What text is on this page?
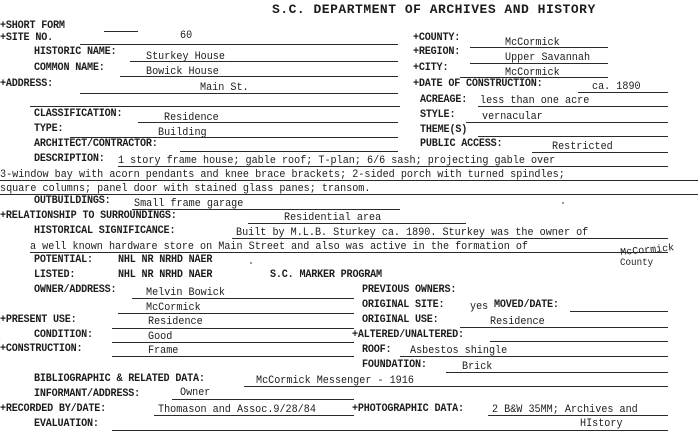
S.C. DEPARTMENT OF ARCHIVES AND HISTORY
+SHORT FORM
+SITE NO.	60	+COUNTY:	McCormick
HISTORIC NAME:	Sturkey House	+REGION:	Upper Savannah
COMMON NAME:	Bowick House	+CITY:	McCormick
+ADDRESS:	Main St.	+DATE OF CONSTRUCTION:	ca. 1890
ACREAGE: less than one acre
CLASSIFICATION:	Residence	STYLE: vernacular
TYPE:	Building	THEME(S)
ARCHITECT/CONTRACTOR:	PUBLIC ACCESS:	Restricted
DESCRIPTION: 1 story frame house; gable roof; T-plan; 6/6 sash; projecting gable over
3-window bay with acorn pendants and knee brace brackets; 2-sided porch with turned spindles;
square columns; panel door with stained glass panes; transom.
OUTBUILDINGS: Small frame garage
+RELATIONSHIP TO SURROUNDINGS:	Residential area
HISTORICAL SIGNIFICANCE:	Built by M.L.B. Sturkey ca. 1890. Sturkey was the owner of
a well known hardware store on Main Street and also was active in the formation of	McCormick
County
POTENTIAL: NHL NR NRHD NAER
LISTED:	NHL NR NRHD NAER	S.C. MARKER PROGRAM
OWNER/ADDRESS:	Melvin Bowick
McCormick
PREVIOUS OWNERS:
ORIGINAL SITE: yes MOVED/DATE:
+PRESENT USE:	Residence	ORIGINAL USE:	Residence
CONDITION:	Good	+ALTERED/UNALTERED:
+CONSTRUCTION:	Frame	ROOF: Asbestos shingle
FOUNDATION:	Brick
BIBLIOGRAPHIC & RELATED DATA:	McCormick Messenger - 1916
INFORMANT/ADDRESS:	Owner
+RECORDED BY/DATE:	Thomason and Assoc.9/28/84	+PHOTOGRAPHIC DATA:	2 B&W 35MM; Archives and
HIstory
EVALUATION:
